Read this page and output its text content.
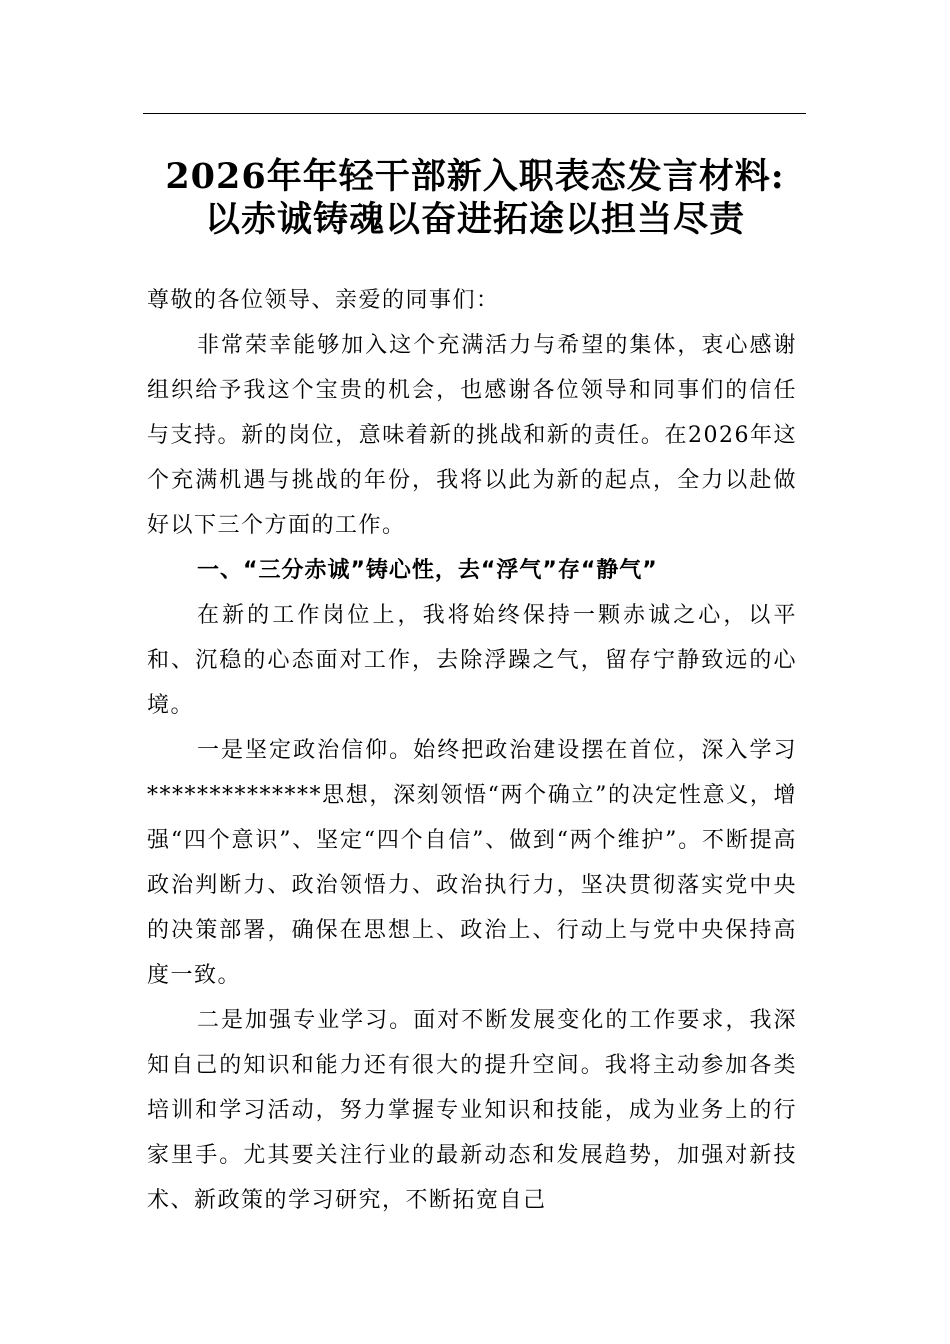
2026年年轻干部新入职表态发言材料:
以赤诚铸魂以奋进拓途以担当尽责

尊敬的各位领导、亲爱的同事们：

非常荣幸能够加入这个充满活力与希望的集体，衷心感谢组织给予我这个宝贵的机会，也感谢各位领导和同事们的信任与支持。新的岗位，意味着新的挑战和新的责任。在2026年这个充满机遇与挑战的年份，我将以此为新的起点，全力以赴做好以下三个方面的工作。

一、“三分赤诚”铸心性，去“浮气”存“静气”

在新的工作岗位上，我将始终保持一颗赤诚之心，以平和、沉稳的心态面对工作，去除浮躁之气，留存宁静致远的心境。

一是坚定政治信仰。始终把政治建设摆在首位，深入学习**************思想，深刻领悟“两个确立”的决定性意义，增强“四个意识”、坚定“四个自信”、做到“两个维护”。不断提高政治判断力、政治领悟力、政治执行力，坚决贯彻落实党中央的决策部署，确保在思想上、政治上、行动上与党中央保持高度一致。

二是加强专业学习。面对不断发展变化的工作要求，我深知自己的知识和能力还有很大的提升空间。我将主动参加各类培训和学习活动，努力掌握专业知识和技能，成为业务上的行家里手。尤其要关注行业的最新动态和发展趋势，加强对新技术、新政策的学习研究，不断拓宽自己
